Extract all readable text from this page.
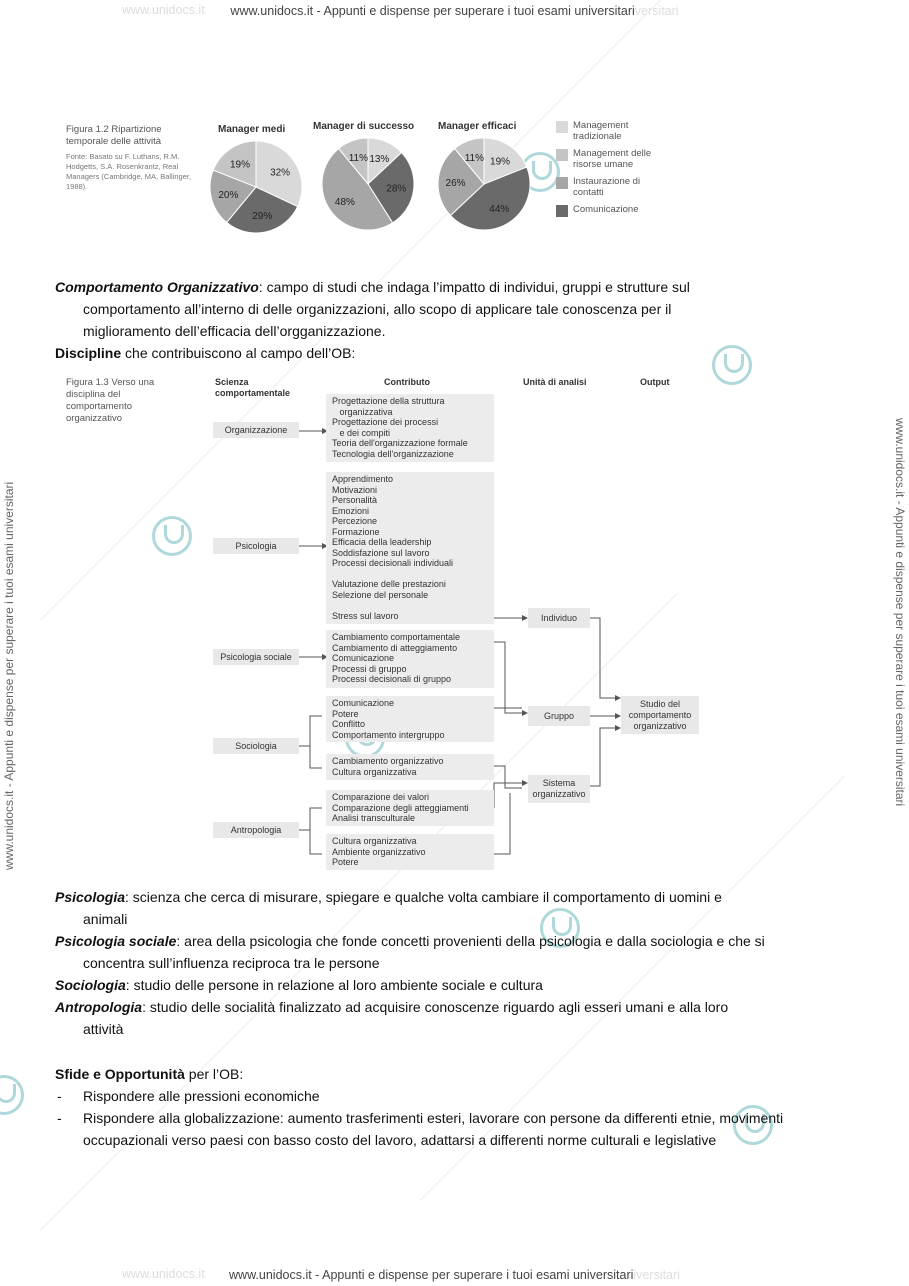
www.unidocs.it www.unidocs.it - Appunti e dispense per superare i tuoi esami universitariversitari
www.unidocs.it www.unidocs.it - Appunti e dispense per superare i tuoi esami universitariiversitari
www.unidocs.it - Appunti e dispense per superare i tuoi esami universitari	www.unidocs.it - Appunti e dispense per superare i tuoi esami universitari
Figura 1.2 Ripartizione temporale delle attività
Fonte: Basato su F. Luthans, R.M. Hodgetts, S.A. Rosenkrantz, Real Managers (Cambridge, MA, Ballinger, 1988).
Manager medi	Manager di successo Manager efficaci
32%
29%
20%
19%
13%
28%
48%
11%	19%
44%
26%
11%
Management tradizionale
Management delle risorse umane
Instaurazione di contatti
Comunicazione
Comportamento Organizzativo: campo di studi che indaga l’impatto di individui, gruppi e strutture sul
comportamento all’interno di delle organizzazioni, allo scopo di applicare tale conoscenza per il
miglioramento dell’efficacia dell’orgganizzazione.
Discipline che contribuiscono al campo dell’OB:
Figura 1.3 Verso una disciplina del comportamento organizzativo
Scienza comportamentale
Contributo	Unità di analisi	Output
Organizzazione
Psicologia
Psicologia sociale
Sociologia
Antropologia
Progettazione della struttura
organizzativa
Progettazione dei processi
e dei compiti
Teoria dell'organizzazione formale
Tecnologia dell'organizzazione
Apprendimento
Motivazioni
Personalità
Emozioni
Percezione
Formazione
Efficacia della leadership
Soddisfazione sul lavoro
Processi decisionali individuali

Valutazione delle prestazioni
Selezione del personale

Stress sul lavoro
Cambiamento comportamentale
Cambiamento di atteggiamento
Comunicazione
Processi di gruppo
Processi decisionali di gruppo
Comunicazione
Potere
Conflitto
Comportamento intergruppo
Cambiamento organizzativo
Cultura organizzativa
Comparazione dei valori
Comparazione degli atteggiamenti
Analisi transculturale
Cultura organizzativa
Ambiente organizzativo
Potere
Individuo
Gruppo
Sistema organizzativo
Studio del comportamento organizzativo
Psicologia: scienza che cerca di misurare, spiegare e qualche volta cambiare il comportamento di uomini e
animali
Psicologia sociale: area della psicologia che fonde concetti provenienti della psicologia e dalla sociologia e che si
concentra sull’influenza reciproca tra le persone
Sociologia: studio delle persone in relazione al loro ambiente sociale e cultura
Antropologia: studio delle socialità finalizzato ad acquisire conoscenze riguardo agli esseri umani e alla loro
attività
Sfide e Opportunità per l’OB:
- Rispondere alle pressioni economiche
- Rispondere alla globalizzazione: aumento trasferimenti esteri, lavorare con persone da differenti etnie, movimenti occupazionali verso paesi con basso costo del lavoro, adattarsi a differenti norme culturali e legislative
